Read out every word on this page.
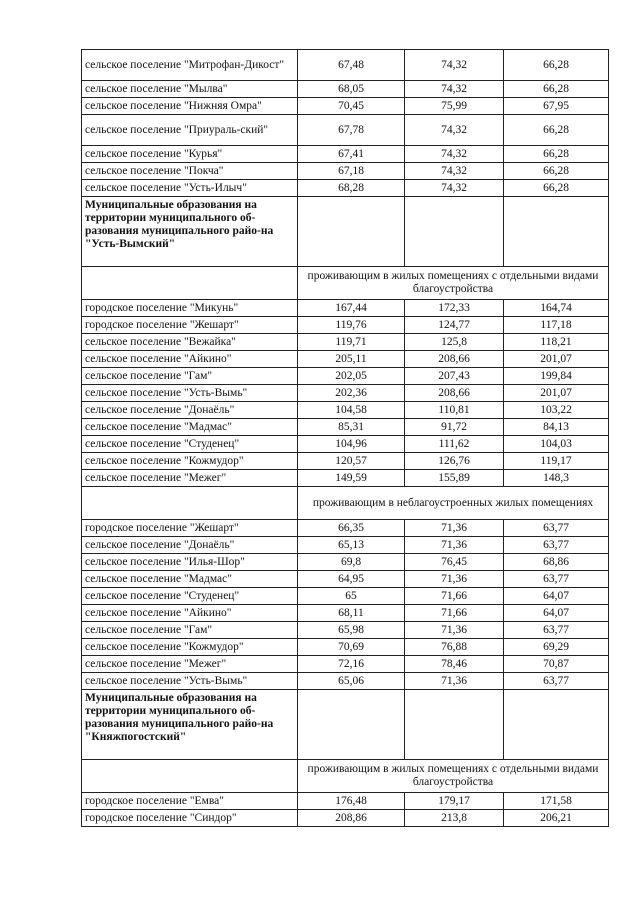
сельское поселение "Митрофан-Дикост"	67,48	74,32	66,28
сельское поселение "Мылва"	68,05	74,32	66,28
сельское поселение "Нижняя Омра"	70,45	75,99	67,95
сельское поселение "Приураль-ский"	67,78	74,32	66,28
сельское поселение "Курья"	67,41	74,32	66,28
сельское поселение "Покча"	67,18	74,32	66,28
сельское поселение "Усть-Илыч"	68,28	74,32	66,28
Муниципальные образования на территории муниципального об-разования муниципального райо-на "Усть-Вымский"			
	проживающим в жилых помещениях с отдельными видами благоустройства		
городское поселение "Микунь"	167,44	172,33	164,74
городское поселение "Жешарт"	119,76	124,77	117,18
сельское поселение "Вежайка"	119,71	125,8	118,21
сельское поселение "Айкино"	205,11	208,66	201,07
сельское поселение "Гам"	202,05	207,43	199,84
сельское поселение "Усть-Вымь"	202,36	208,66	201,07
сельское поселение "Донаёль"	104,58	110,81	103,22
сельское поселение "Мадмас"	85,31	91,72	84,13
сельское поселение "Студенец"	104,96	111,62	104,03
сельское поселение "Кожмудор"	120,57	126,76	119,17
сельское поселение "Межег"	149,59	155,89	148,3
	проживающим в неблагоустроенных жилых помещениях		
городское поселение "Жешарт"	66,35	71,36	63,77
сельское поселение "Донаёль"	65,13	71,36	63,77
сельское поселение "Илья-Шор"	69,8	76,45	68,86
сельское поселение "Мадмас"	64,95	71,36	63,77
сельское поселение "Студенец"	65	71,66	64,07
сельское поселение "Айкино"	68,11	71,66	64,07
сельское поселение "Гам"	65,98	71,36	63,77
сельское поселение "Кожмудор"	70,69	76,88	69,29
сельское поселение "Межег"	72,16	78,46	70,87
сельское поселение "Усть-Вымь"	65,06	71,36	63,77
Муниципальные образования на территории муниципального об-разования муниципального райо-на "Княжпогостский"			
	проживающим в жилых помещениях с отдельными видами благоустройства		
городское поселение "Емва"	176,48	179,17	171,58
городское поселение "Синдор"	208,86	213,8	206,21
